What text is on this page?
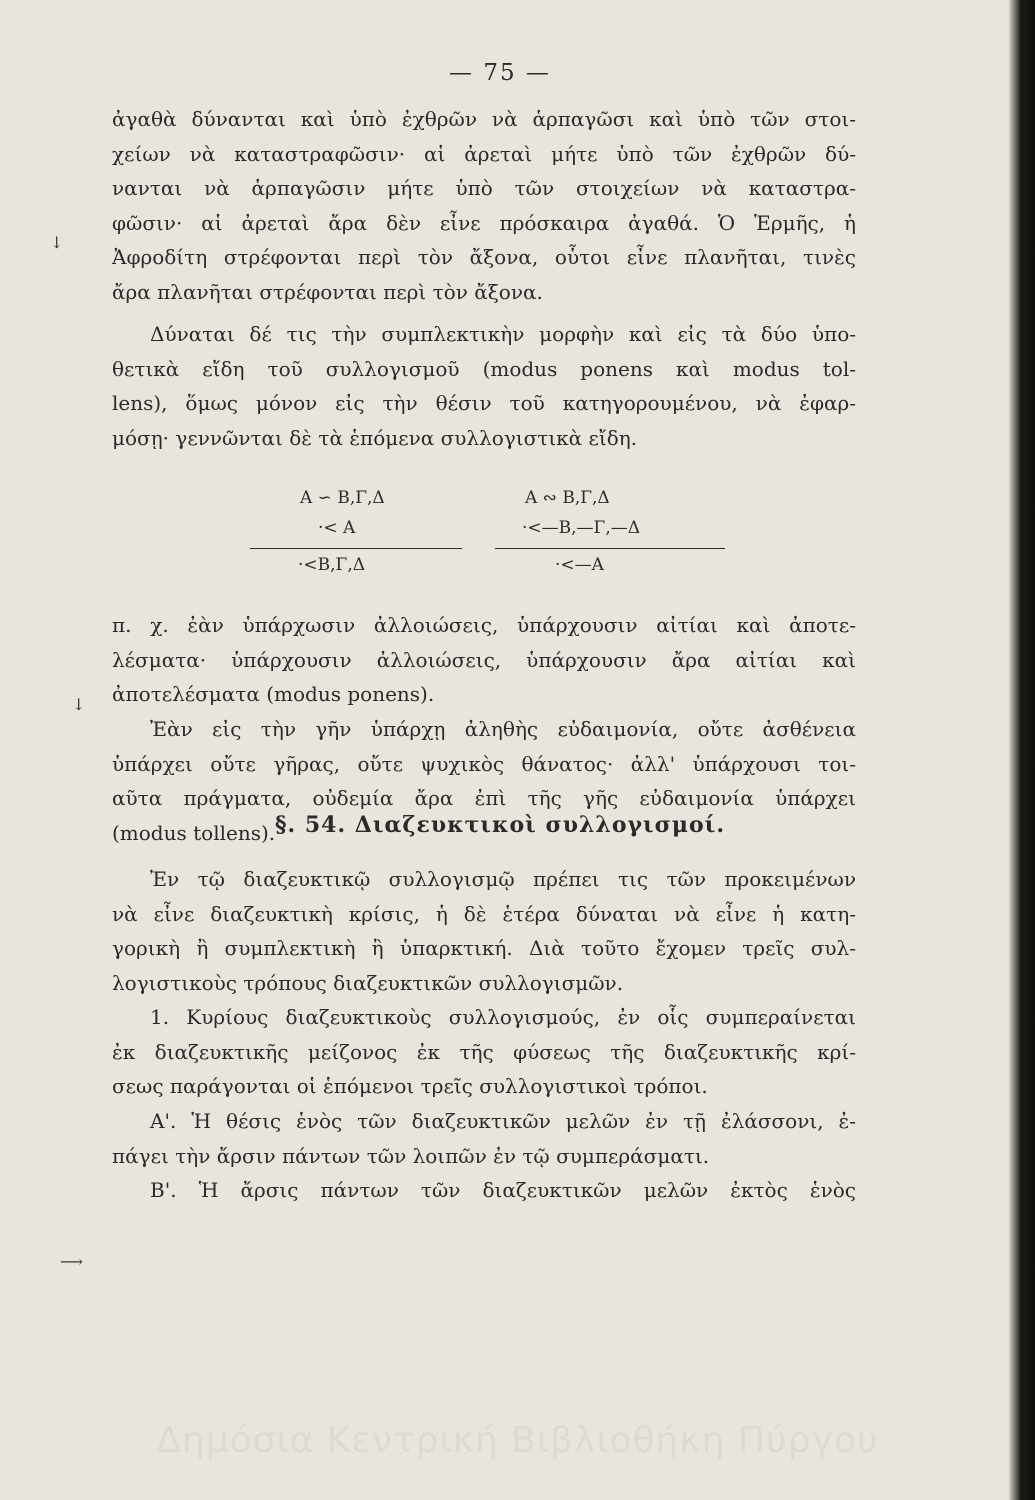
— 75 —
↓
↓
⟶
ἀγαθὰ δύνανται καὶ ὑπὸ ἐχθρῶν νὰ ἁρπαγῶσι καὶ ὑπὸ τῶν στοι-
χείων νὰ καταστραφῶσιν· αἱ ἀρεταὶ μήτε ὑπὸ τῶν ἐχθρῶν δύ-
νανται νὰ ἁρπαγῶσιν μήτε ὑπὸ τῶν στοιχείων νὰ καταστρα-
φῶσιν· αἱ ἀρεταὶ ἄρα δὲν εἶνε πρόσκαιρα ἀγαθά. Ὁ Ἑρμῆς, ἡ
Ἀφροδίτη στρέφονται περὶ τὸν ἄξονα, οὗτοι εἶνε πλανῆται, τινὲς
ἄρα πλανῆται στρέφονται περὶ τὸν ἄξονα.
Δύναται δέ τις τὴν συμπλεκτικὴν μορφὴν καὶ εἰς τὰ δύο ὑπο-
θετικὰ εἴδη τοῦ συλλογισμοῦ (modus ponens καὶ modus tol-
lens), ὅμως μόνον εἰς τὴν θέσιν τοῦ κατηγορουμένου, νὰ ἐφαρ-
μόσῃ· γεννῶνται δὲ τὰ ἑπόμενα συλλογιστικὰ εἴδη.
Α ∽ Β,Γ,Δ
·< Α
·<Β,Γ,Δ
Α ∾ Β,Γ,Δ
·<—Β,—Γ,—Δ
·<—Α
π. χ. ἐὰν ὑπάρχωσιν ἀλλοιώσεις, ὑπάρχουσιν αἰτίαι καὶ ἀποτε-
λέσματα· ὑπάρχουσιν ἀλλοιώσεις, ὑπάρχουσιν ἄρα αἰτίαι καὶ
ἀποτελέσματα (modus ponens).
Ἐὰν εἰς τὴν γῆν ὑπάρχῃ ἀληθὴς εὐδαιμονία, οὔτε ἀσθένεια
ὑπάρχει οὔτε γῆρας, οὔτε ψυχικὸς θάνατος· ἀλλ' ὑπάρχουσι τοι-
αῦτα πράγματα, οὐδεμία ἄρα ἐπὶ τῆς γῆς εὐδαιμονία ὑπάρχει
(modus tollens). §. 54. Διαζευκτικοὶ συλλογισμοί.
Ἐν τῷ διαζευκτικῷ συλλογισμῷ πρέπει τις τῶν προκειμένων
νὰ εἶνε διαζευκτικὴ κρίσις, ἡ δὲ ἑτέρα δύναται νὰ εἶνε ἡ κατη-
γορικὴ ἢ συμπλεκτικὴ ἢ ὑπαρκτική. Διὰ τοῦτο ἔχομεν τρεῖς συλ-
λογιστικοὺς τρόπους διαζευκτικῶν συλλογισμῶν.
1. Κυρίους διαζευκτικοὺς συλλογισμούς, ἐν οἷς συμπεραίνεται
ἐκ διαζευκτικῆς μείζονος ἐκ τῆς φύσεως τῆς διαζευκτικῆς κρί-
σεως παράγονται οἱ ἑπόμενοι τρεῖς συλλογιστικοὶ τρόποι.
Α'. Ἡ θέσις ἑνὸς τῶν διαζευκτικῶν μελῶν ἐν τῇ ἐλάσσονι, ἐ-
πάγει τὴν ἄρσιν πάντων τῶν λοιπῶν ἐν τῷ συμπεράσματι.
Β'. Ἡ ἄρσις πάντων τῶν διαζευκτικῶν μελῶν ἐκτὸς ἑνὸς
Δημόσια Κεντρική Βιβλιοθήκη Πύργου
